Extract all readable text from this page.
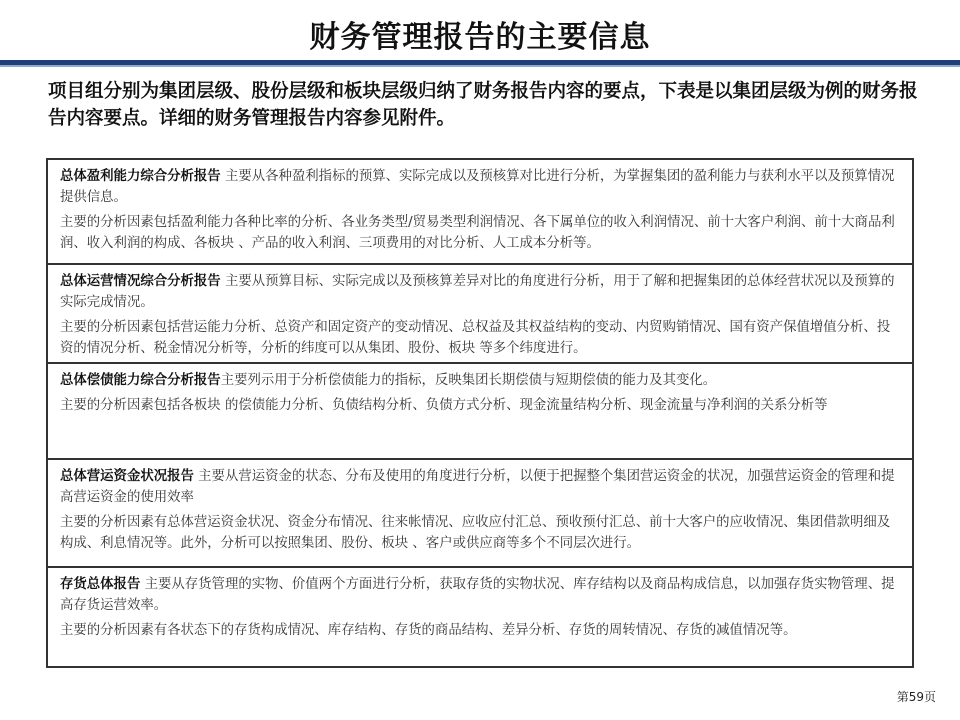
财务管理报告的主要信息
项目组分别为集团层级、股份层级和板块层级归纳了财务报告内容的要点，下表是以集团层级为例的财务报告内容要点。详细的财务管理报告内容参见附件。
总体盈利能力综合分析报告 主要从各种盈利指标的预算、实际完成以及预核算对比进行分析，为掌握集团的盈利能力与获利水平以及预算情况提供信息。
主要的分析因素包括盈利能力各种比率的分析、各业务类型/贸易类型利润情况、各下属单位的收入利润情况、前十大客户利润、前十大商品利润、收入利润的构成、各板块 、产品的收入利润、三项费用的对比分析、人工成本分析等。
总体运营情况综合分析报告 主要从预算目标、实际完成以及预核算差异对比的角度进行分析，用于了解和把握集团的总体经营状况以及预算的实际完成情况。
主要的分析因素包括营运能力分析、总资产和固定资产的变动情况、总权益及其权益结构的变动、内贸购销情况、国有资产保值增值分析、投资的情况分析、税金情况分析等，分析的纬度可以从集团、股份、板块 等多个纬度进行。
总体偿债能力综合分析报告主要列示用于分析偿债能力的指标，反映集团长期偿债与短期偿债的能力及其变化。
主要的分析因素包括各板块 的偿债能力分析、负债结构分析、负债方式分析、现金流量结构分析、现金流量与净利润的关系分析等
总体营运资金状况报告 主要从营运资金的状态、分布及使用的角度进行分析，以便于把握整个集团营运资金的状况，加强营运资金的管理和提高营运资金的使用效率
主要的分析因素有总体营运资金状况、资金分布情况、往来帐情况、应收应付汇总、预收预付汇总、前十大客户的应收情况、集团借款明细及构成、利息情况等。此外，分析可以按照集团、股份、板块 、客户或供应商等多个不同层次进行。
存货总体报告 主要从存货管理的实物、价值两个方面进行分析，获取存货的实物状况、库存结构以及商品构成信息，以加强存货实物管理、提高存货运营效率。
主要的分析因素有各状态下的存货构成情况、库存结构、存货的商品结构、差异分析、存货的周转情况、存货的减值情况等。
第59页
